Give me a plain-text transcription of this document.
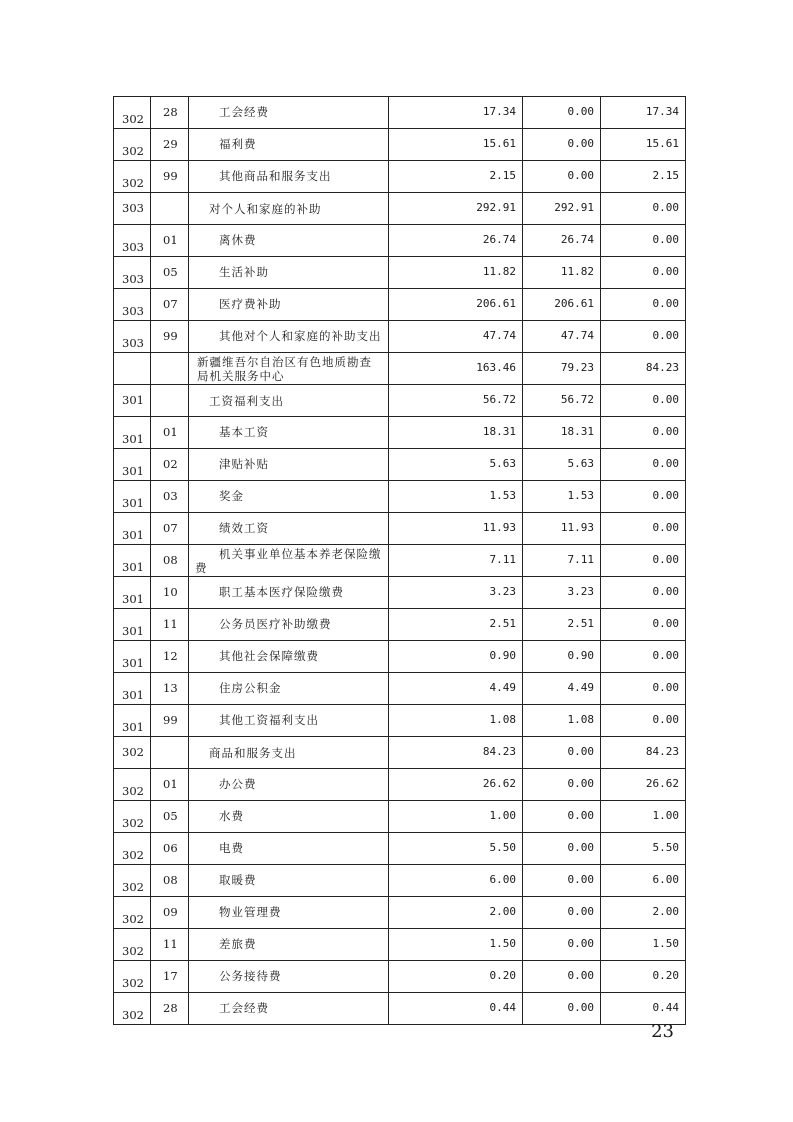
302	28	工会经费	17.34	0.00	17.34

302	29	福利费	15.61	0.00	15.61

302	99	其他商品和服务支出	2.15	0.00	2.15

303		对个人和家庭的补助	292.91	292.91	0.00

303	01	离休费	26.74	26.74	0.00

303	05	生活补助	11.82	11.82	0.00

303	07	医疗费补助	206.61	206.61	0.00

303	99	其他对个人和家庭的补助支出	47.74	47.74	0.00

		新疆维吾尔自治区有色地质勘查局机关服务中心	163.46	79.23	84.23

301		工资福利支出	56.72	56.72	0.00

301	01	基本工资	18.31	18.31	0.00

301	02	津贴补贴	5.63	5.63	0.00

301	03	奖金	1.53	1.53	0.00

301	07	绩效工资	11.93	11.93	0.00

301	08	机关事业单位基本养老保险缴
费	7.11	7.11	0.00

301	10	职工基本医疗保险缴费	3.23	3.23	0.00

301	11	公务员医疗补助缴费	2.51	2.51	0.00

301	12	其他社会保障缴费	0.90	0.90	0.00

301	13	住房公积金	4.49	4.49	0.00

301	99	其他工资福利支出	1.08	1.08	0.00

302		商品和服务支出	84.23	0.00	84.23

302	01	办公费	26.62	0.00	26.62

302	05	水费	1.00	0.00	1.00

302	06	电费	5.50	0.00	5.50

302	08	取暖费	6.00	0.00	6.00

302	09	物业管理费	2.00	0.00	2.00

302	11	差旅费	1.50	0.00	1.50

302	17	公务接待费	0.20	0.00	0.20

302	28	工会经费	0.44	0.00	0.44
23
